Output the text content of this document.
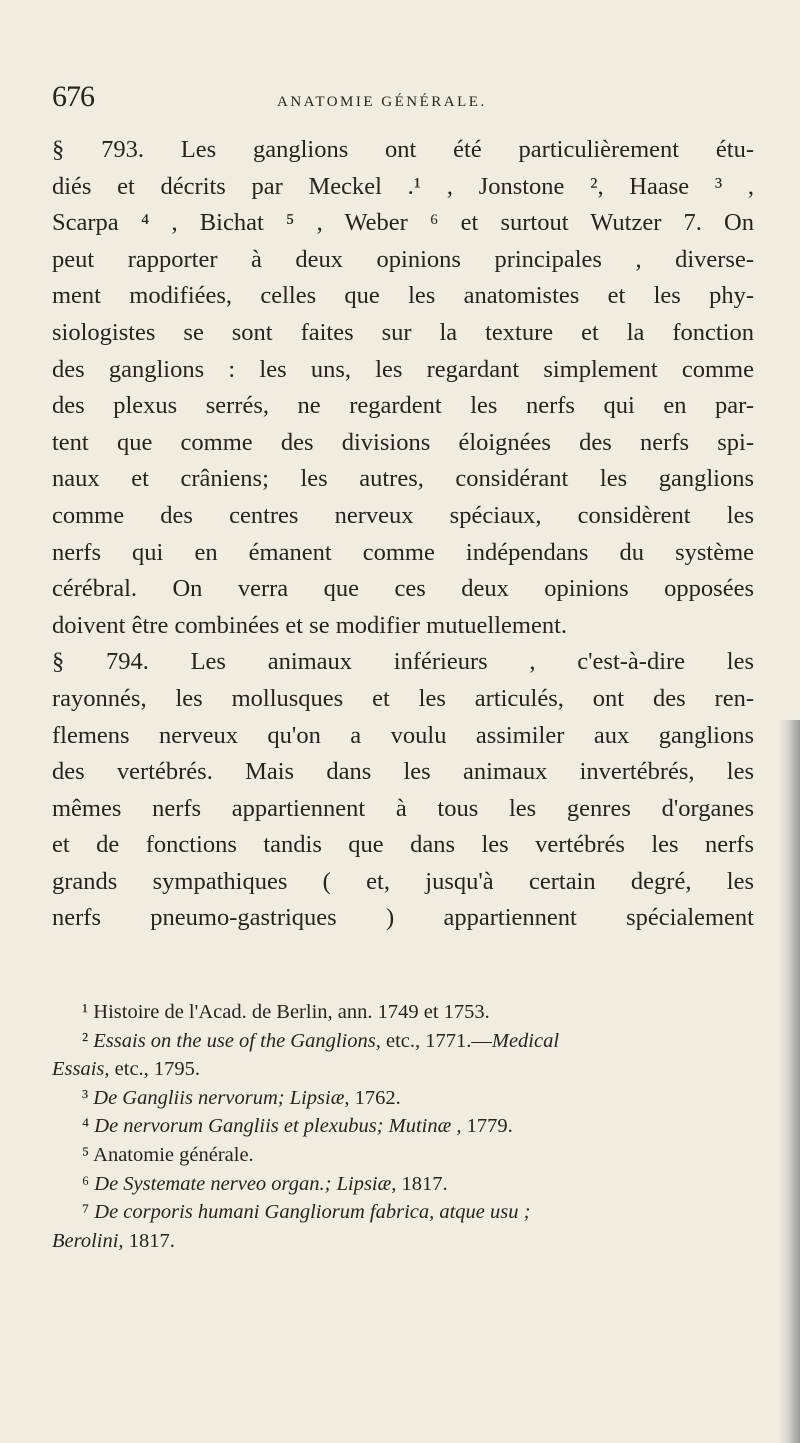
676	ANATOMIE GÉNÉRALE.
§ 793. Les ganglions ont été particulièrement étu-
diés et décrits par Meckel .¹ , Jonstone ², Haase ³ ,
Scarpa ⁴ , Bichat ⁵ , Weber ⁶ et surtout Wutzer 7. On
peut rapporter à deux opinions principales , diverse-
ment modifiées, celles que les anatomistes et les phy-
siologistes se sont faites sur la texture et la fonction
des ganglions : les uns, les regardant simplement comme
des plexus serrés, ne regardent les nerfs qui en par-
tent que comme des divisions éloignées des nerfs spi-
naux et crâniens; les autres, considérant les ganglions
comme des centres nerveux spéciaux, considèrent les
nerfs qui en émanent comme indépendans du système
cérébral. On verra que ces deux opinions opposées
doivent être combinées et se modifier mutuellement.
§ 794. Les animaux inférieurs , c'est-à-dire les
rayonnés, les mollusques et les articulés, ont des ren-
flemens nerveux qu'on a voulu assimiler aux ganglions
des vertébrés. Mais dans les animaux invertébrés, les
mêmes nerfs appartiennent à tous les genres d'organes
et de fonctions tandis que dans les vertébrés les nerfs
grands sympathiques ( et, jusqu'à certain degré, les
nerfs pneumo-gastriques ) appartiennent spécialement
¹ Histoire de l'Acad. de Berlin, ann. 1749 et 1753.
² Essais on the use of the Ganglions, etc., 1771.—Medical
Essais, etc., 1795.
³ De Gangliis nervorum; Lipsiæ, 1762.
⁴ De nervorum Gangliis et plexubus; Mutinæ , 1779.
⁵ Anatomie générale.
⁶ De Systemate nerveo organ.; Lipsiæ, 1817.
⁷ De corporis humani Gangliorum fabrica, atque usu ;
Berolini, 1817.
